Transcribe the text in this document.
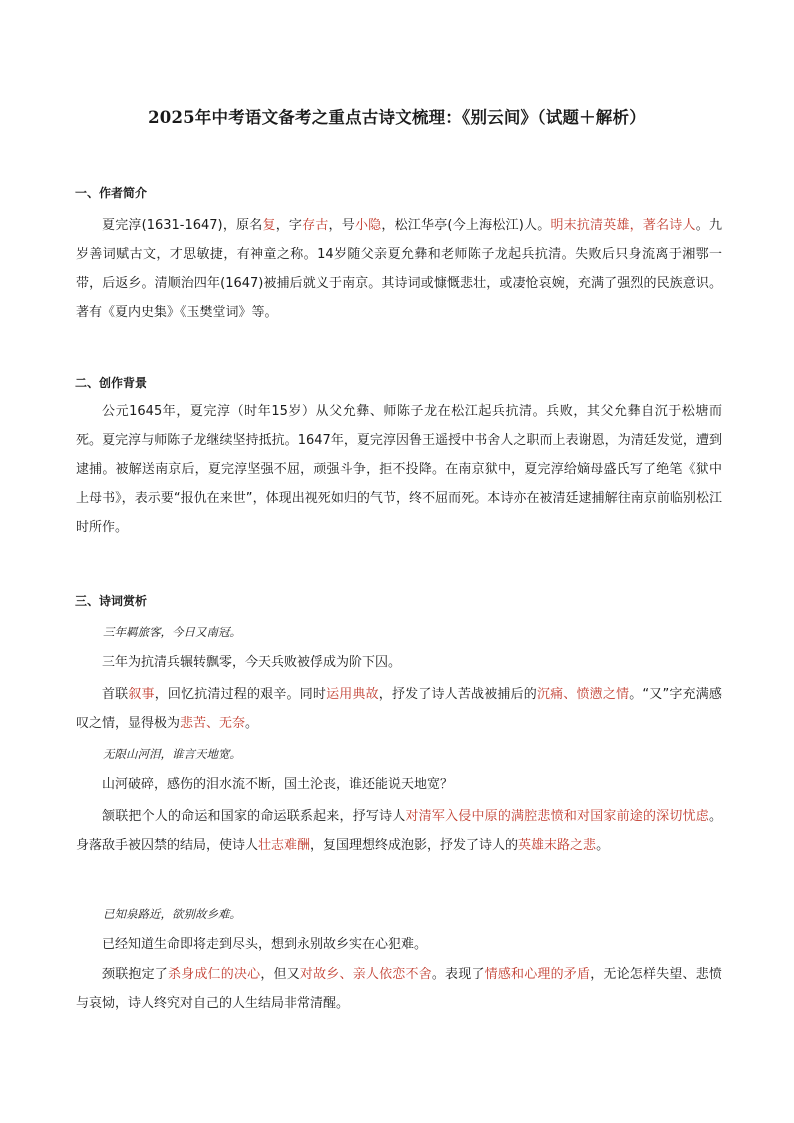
2025年中考语文备考之重点古诗文梳理：《别云间》（试题＋解析）
一、作者简介
夏完淳(1631-1647)，原名复，字存古，号小隐，松江华亭(今上海松江)人。明末抗清英雄，著名诗人。九岁善词赋古文，才思敏捷，有神童之称。14岁随父亲夏允彝和老师陈子龙起兵抗清。失败后只身流离于湘鄂一带，后返乡。清顺治四年(1647)被捕后就义于南京。其诗词或慷慨悲壮，或凄怆哀婉，充满了强烈的民族意识。著有《夏内史集》《玉樊堂词》等。
二、创作背景
公元1645年，夏完淳（时年15岁）从父允彝、师陈子龙在松江起兵抗清。兵败，其父允彝自沉于松塘而死。夏完淳与师陈子龙继续坚持抵抗。1647年，夏完淳因鲁王遥授中书舍人之职而上表谢恩，为清廷发觉，遭到逮捕。被解送南京后，夏完淳坚强不屈，顽强斗争，拒不投降。在南京狱中，夏完淳给嫡母盛氏写了绝笔《狱中上母书》，表示要“报仇在来世”，体现出视死如归的气节，终不屈而死。本诗亦在被清廷逮捕解往南京前临别松江时所作。
三、诗词赏析
三年羁旅客，今日又南冠。
三年为抗清兵辗转飘零，今天兵败被俘成为阶下囚。
首联叙事，回忆抗清过程的艰辛。同时运用典故，抒发了诗人苦战被捕后的沉痛、愤懑之情。“又”字充满感叹之情，显得极为悲苦、无奈。
无限山河泪，谁言天地宽。
山河破碎，感伤的泪水流不断，国土沦丧，谁还能说天地宽？
颔联把个人的命运和国家的命运联系起来，抒写诗人对清军入侵中原的满腔悲愤和对国家前途的深切忧虑。身落敌手被囚禁的结局，使诗人壮志难酬，复国理想终成泡影，抒发了诗人的英雄末路之悲。
已知泉路近，欲别故乡难。
已经知道生命即将走到尽头，想到永别故乡实在心犯难。
颈联抱定了杀身成仁的决心，但又对故乡、亲人依恋不舍。表现了情感和心理的矛盾，无论怎样失望、悲愤与哀恸，诗人终究对自己的人生结局非常清醒。
